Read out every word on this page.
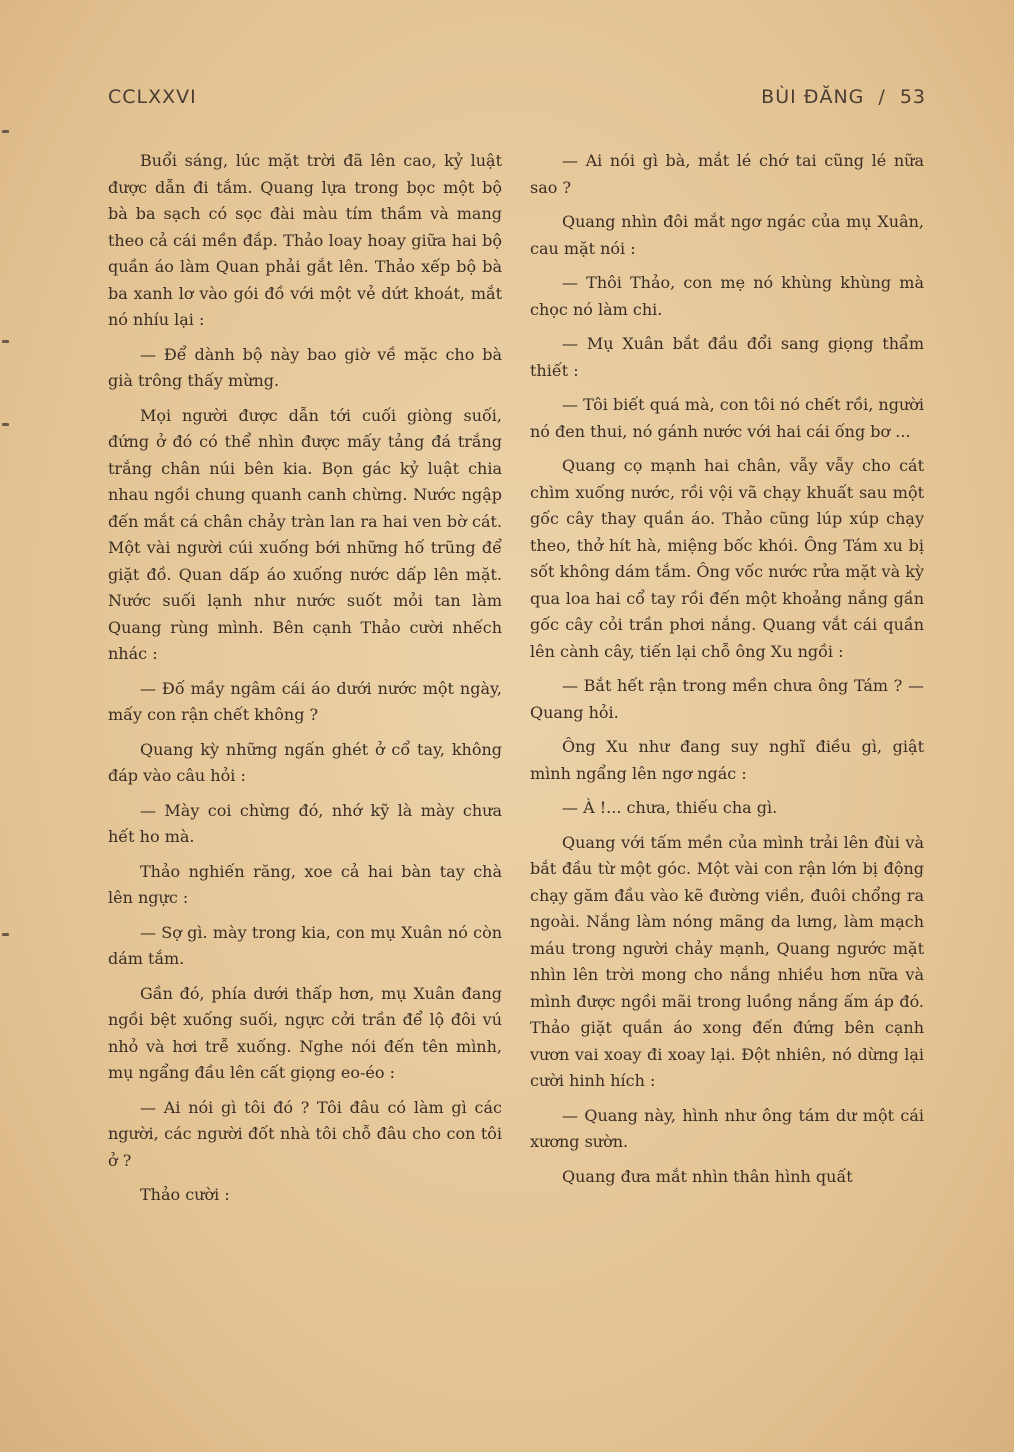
CCLXXVI	BÙI ĐĂNG / 53

Buổi sáng, lúc mặt trời đã lên cao, kỷ luật được dẫn đi tắm. Quang lựa trong bọc một bộ bà ba sạch có sọc đài màu tím thầm và mang theo cả cái mền đắp. Thảo loay hoay giữa hai bộ quần áo làm Quan phải gắt lên. Thảo xếp bộ bà ba xanh lơ vào gói đồ với một vẻ dứt khoát, mắt nó nhíu lại :

— Để dành bộ này bao giờ về mặc cho bà già trông thấy mừng.

Mọi người được dẫn tới cuối giòng suối, đứng ở đó có thể nhìn được mấy tảng đá trắng trắng chân núi bên kia. Bọn gác kỷ luật chia nhau ngồi chung quanh canh chừng. Nước ngập đến mắt cá chân chảy tràn lan ra hai ven bờ cát. Một vài người cúi xuống bới những hố trũng để giặt đồ. Quan dấp áo xuống nước dấp lên mặt. Nước suối lạnh như nước suốt mỏi tan làm Quang rùng mình. Bên cạnh Thảo cười nhếch nhác :

— Đố mầy ngâm cái áo dưới nước một ngày, mấy con rận chết không ?

Quang kỳ những ngấn ghét ở cổ tay, không đáp vào câu hỏi :

— Mày coi chừng đó, nhớ kỹ là mày chưa hết ho mà.

Thảo nghiến răng, xoe cả hai bàn tay chà lên ngực :

— Sợ gì. mày trong kia, con mụ Xuân nó còn dám tắm.

Gần đó, phía dưới thấp hơn, mụ Xuân đang ngồi bệt xuống suối, ngực cởi trần để lộ đôi vú nhỏ và hơi trễ xuống. Nghe nói đến tên mình, mụ ngẩng đầu lên cất giọng eo-éo :

— Ai nói gì tôi đó ? Tôi đâu có làm gì các người, các người đốt nhà tôi chỗ đâu cho con tôi ở ?

Thảo cười :

— Ai nói gì bà, mắt lé chớ tai cũng lé nữa sao ?

Quang nhìn đôi mắt ngơ ngác của mụ Xuân, cau mặt nói :

— Thôi Thảo, con mẹ nó khùng khùng mà chọc nó làm chi.

— Mụ Xuân bắt đầu đổi sang giọng thẩm thiết :

— Tôi biết quá mà, con tôi nó chết rồi, người nó đen thui, nó gánh nước với hai cái ống bơ ...

Quang cọ mạnh hai chân, vẫy vẫy cho cát chìm xuống nước, rồi vội vã chạy khuất sau một gốc cây thay quần áo. Thảo cũng lúp xúp chạy theo, thở hít hà, miệng bốc khói. Ông Tám xu bị sốt không dám tắm. Ông vốc nước rửa mặt và kỳ qua loa hai cổ tay rồi đến một khoảng nắng gần gốc cây cỏi trần phơi nắng. Quang vắt cái quần lên cành cây, tiến lại chỗ ông Xu ngồi :

— Bắt hết rận trong mền chưa ông Tám ? — Quang hỏi.

Ông Xu như đang suy nghĩ điều gì, giật mình ngẩng lên ngơ ngác :

— À !... chưa, thiếu cha gì.

Quang với tấm mền của mình trải lên đùi và bắt đầu từ một góc. Một vài con rận lớn bị động chạy găm đầu vào kẽ đường viền, đuôi chổng ra ngoài. Nắng làm nóng mãng da lưng, làm mạch máu trong người chảy mạnh, Quang ngước mặt nhìn lên trời mong cho nắng nhiều hơn nữa và mình được ngồi mãi trong luồng nắng ấm áp đó. Thảo giặt quần áo xong đến đứng bên cạnh vươn vai xoay đi xoay lại. Đột nhiên, nó dừng lại cười hinh hích :

— Quang này, hình như ông tám dư một cái xương sườn.

Quang đưa mắt nhìn thân hình quất
